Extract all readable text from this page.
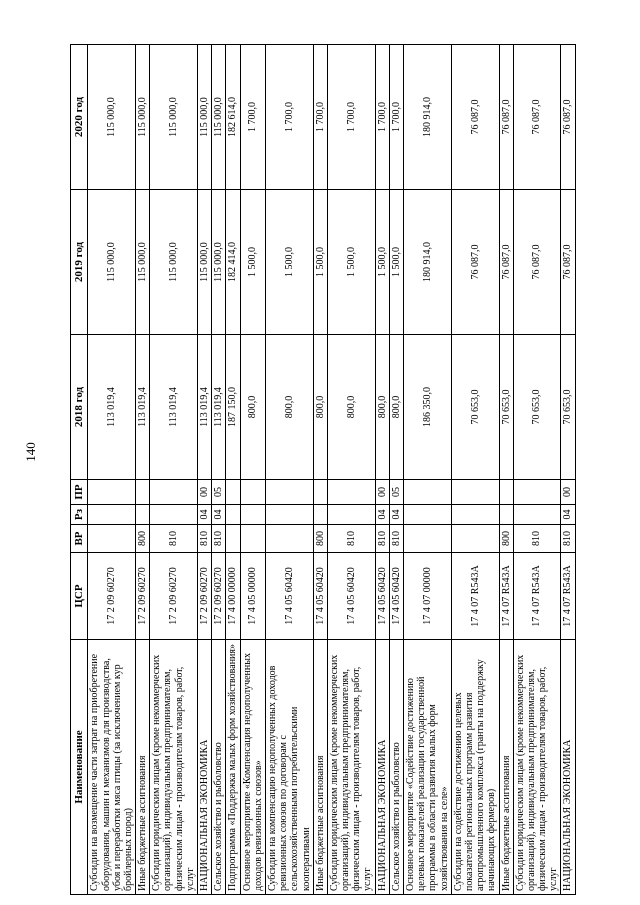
140
Наименование	ЦСР	ВР	Рз	ПР	2018 год	2019 год	2020 год
Субсидии на возмещение части затрат на приобретение оборудования, машин и механизмов для производства, убоя и переработки мяса птицы (за исключением кур бройлерных пород)	17 2 09 60270				113 019,4	115 000,0	115 000,0
Иные бюджетные ассигнования	17 2 09 60270	800			113 019,4	115 000,0	115 000,0
Субсидии юридическим лицам (кроме некоммерческих организаций), индивидуальным предпринимателям, физическим лицам - производителям товаров, работ, услуг	17 2 09 60270	810			113 019,4	115 000,0	115 000,0
НАЦИОНАЛЬНАЯ ЭКОНОМИКА	17 2 09 60270	810	04	00	113 019,4	115 000,0	115 000,0
Сельское хозяйство и рыболовство	17 2 09 60270	810	04	05	113 019,4	115 000,0	115 000,0
Подпрограмма «Поддержка малых форм хозяйствования»	17 4 00 00000				187 150,0	182 414,0	182 614,0
Основное мероприятие «Компенсация недополученных доходов ревизионных союзов»	17 4 05 00000				800,0	1 500,0	1 700,0
Субсидии на компенсацию недополученных доходов ревизионных союзов по договорам с сельскохозяйственными потребительскими кооперативами	17 4 05 60420				800,0	1 500,0	1 700,0
Иные бюджетные ассигнования	17 4 05 60420	800			800,0	1 500,0	1 700,0
Субсидии юридическим лицам (кроме некоммерческих организаций), индивидуальным предпринимателям, физическим лицам - производителям товаров, работ, услуг	17 4 05 60420	810			800,0	1 500,0	1 700,0
НАЦИОНАЛЬНАЯ ЭКОНОМИКА	17 4 05 60420	810	04	00	800,0	1 500,0	1 700,0
Сельское хозяйство и рыболовство	17 4 05 60420	810	04	05	800,0	1 500,0	1 700,0
Основное мероприятие «Содействие достижению целевых показателей реализации государственной программы в области развития малых форм хозяйствования на селе»	17 4 07 00000				186 350,0	180 914,0	180 914,0
Субсидии на содействие достижению целевых показателей региональных программ развития агропромышленного комплекса (гранты на поддержку начинающих фермеров)	17 4 07 R543A				70 653,0	76 087,0	76 087,0
Иные бюджетные ассигнования	17 4 07 R543A	800			70 653,0	76 087,0	76 087,0
Субсидии юридическим лицам (кроме некоммерческих организаций), индивидуальным предпринимателям, физическим лицам - производителям товаров, работ, услуг	17 4 07 R543A	810			70 653,0	76 087,0	76 087,0
НАЦИОНАЛЬНАЯ ЭКОНОМИКА	17 4 07 R543A	810	04	00	70 653,0	76 087,0	76 087,0
